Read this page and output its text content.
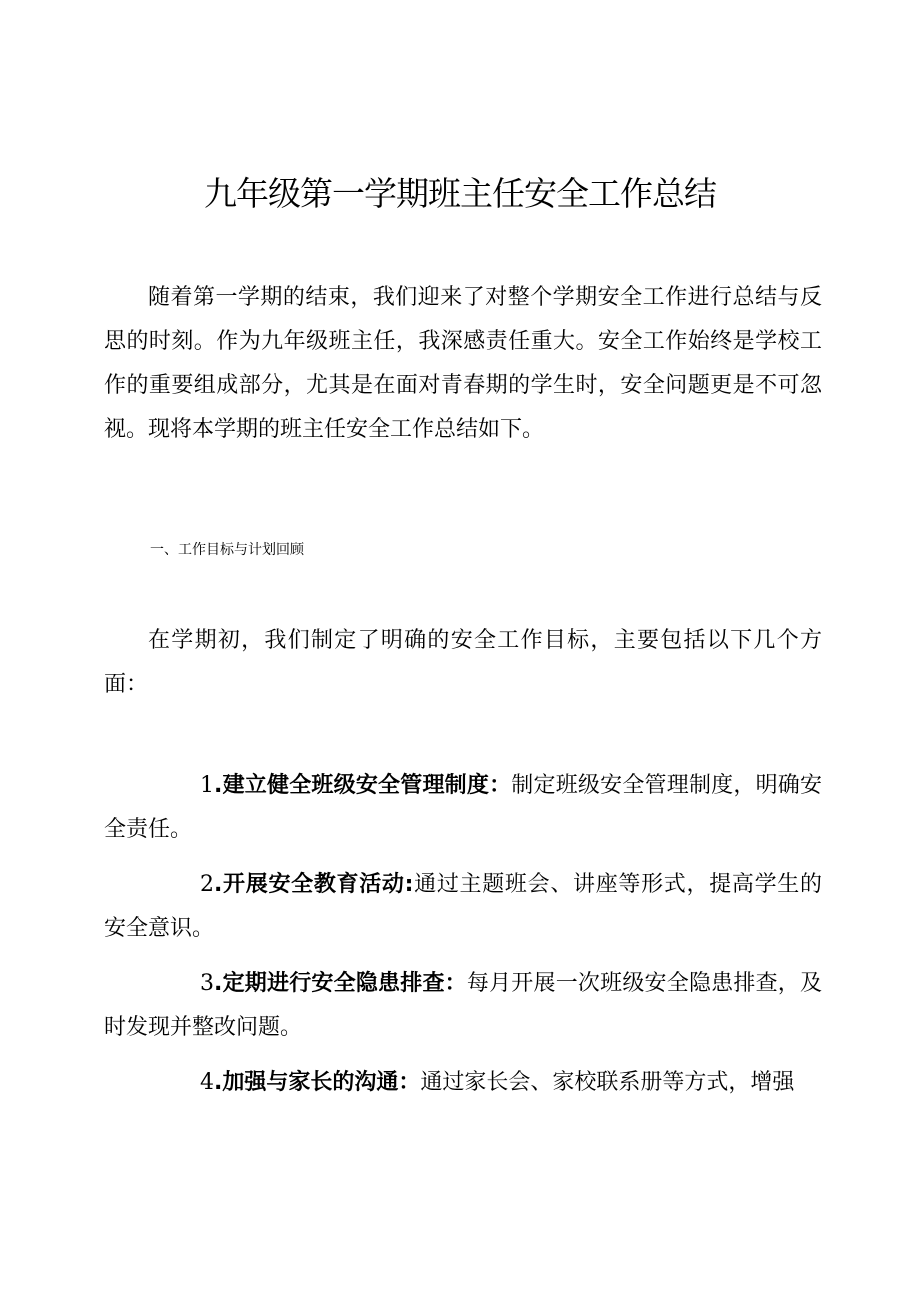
九年级第一学期班主任安全工作总结

随着第一学期的结束，我们迎来了对整个学期安全工作进行总结与反思的时刻。作为九年级班主任，我深感责任重大。安全工作始终是学校工作的重要组成部分，尤其是在面对青春期的学生时，安全问题更是不可忽视。现将本学期的班主任安全工作总结如下。

一、工作目标与计划回顾

在学期初，我们制定了明确的安全工作目标，主要包括以下几个方面：

1.建立健全班级安全管理制度：制定班级安全管理制度，明确安全责任。
2.开展安全教育活动:通过主题班会、讲座等形式，提高学生的安全意识。
3.定期进行安全隐患排查：每月开展一次班级安全隐患排查，及时发现并整改问题。
4.加强与家长的沟通：通过家长会、家校联系册等方式，增强
